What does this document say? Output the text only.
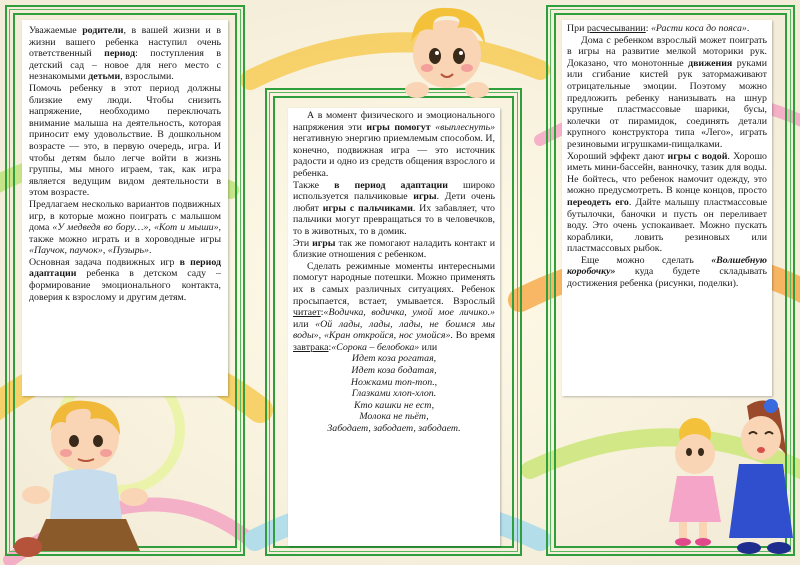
Уважаемые родители, в вашей жизни и в жизни вашего ребенка наступил очень ответственный период: поступления в детский сад – новое для него место с незнакомыми детьми, взрослыми.

Помочь ребенку в этот период должны близкие ему люди. Чтобы снизить напряжение, необходимо переключать внимание малыша на деятельность, которая приносит ему удовольствие. В дошкольном возрасте — это, в первую очередь, игра. И чтобы детям было легче войти в жизнь группы, мы много играем, так, как игра является ведущим видом деятельности в этом возрасте.

Предлагаем несколько вариантов подвижных игр, в которые можно поиграть с малышом дома «У медведя во бору…», «Кот и мыши», также можно играть и в хороводные игры «Паучок, паучок», «Пузырь».

Основная задача подвижных игр в период адаптации ребенка в детском саду – формирование эмоционального контакта, доверия к взрослому и другим детям.

А в момент физического и эмоционального напряжения эти игры помогут «выплеснуть» негативную энергию приемлемым способом. И, конечно, подвижная игра — это источник радости и одно из средств общения взрослого и ребенка.

Также в период адаптации широко используется пальчиковые игры. Дети очень любят игры с пальчиками. Их забавляет, что пальчики могут превращаться то в человечков, то в животных, то в домик.

Эти игры так же помогают наладить контакт и близкие отношения с ребенком.

Сделать режимные моменты интересными помогут народные потешки. Можно применять их в самых различных ситуациях. Ребенок просыпается, встает, умывается. Взрослый читает:«Водичка, водичка, умой мое личико.» или «Ой лады, лады, лады, не боимся мы воды», «Кран откройся, нос умойся». Во время завтрака:«Сорока – белобока» или

Идет коза рогатая,

Идет коза бодатая,

Ножками топ-топ.,

Глазками хлоп-хлоп.

Кто кашки не ест,

Молока не пьёт,

Забодает, забодает, забодает.

При расчесывании: «Расти коса до пояса».

Дома с ребенком взрослый может поиграть в игры на развитие мелкой моторики рук. Доказано, что монотонные движения руками или сгибание кистей рук затормаживают отрицательные эмоции. Поэтому можно предложить ребенку нанизывать на шнур крупные пластмассовые шарики, бусы, колечки от пирамидок, соединять детали крупного конструктора типа «Лего», играть резиновыми игрушками-пищалками.

Хороший эффект дают игры с водой. Хорошо иметь мини-бассейн, ванночку, тазик для воды. Не бойтесь, что ребенок намочит одежду, это можно предусмотреть. В конце концов, просто переодеть его. Дайте малышу пластмассовые бутылочки, баночки и пусть он переливает воду. Это очень успокаивает. Можно пускать кораблики, ловить резиновых или пластмассовых рыбок.

Еще можно сделать «Волшебную коробочку» куда будете складывать достижения ребенка (рисунки, поделки).
